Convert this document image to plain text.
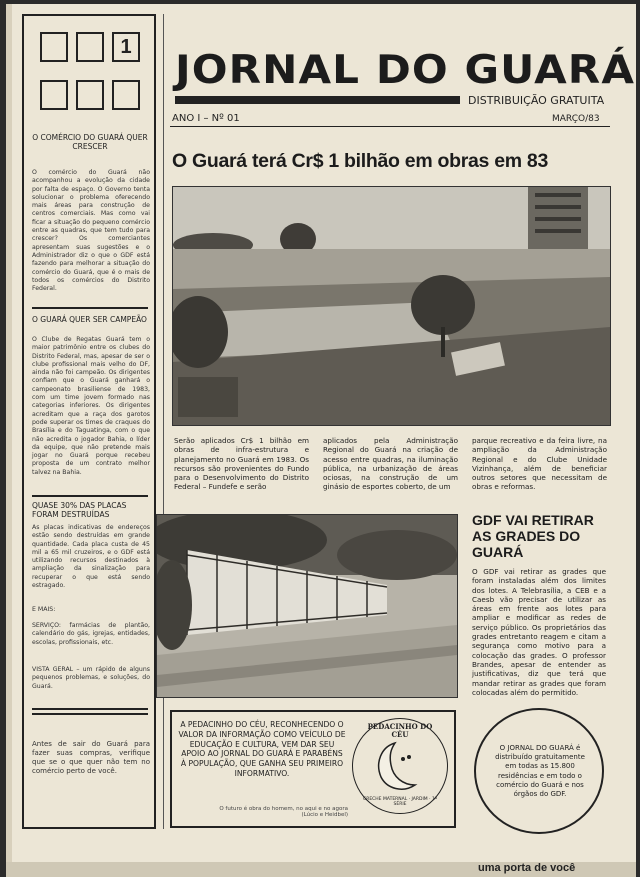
1
O COMÉRCIO DO GUARÁ QUER CRESCER
O comércio do Guará não acompanhou a evolução da cidade por falta de espaço. O Governo tenta solucionar o problema oferecendo mais áreas para construção de centros comerciais. Mas como vai ficar a situação do pequeno comércio entre as quadras, que tem tudo para crescer? Os comerciantes apresentam suas sugestões e o Administrador diz o que o GDF está fazendo para melhorar a situação do comércio do Guará, que é o mais de todos os comércios do Distrito Federal.
O GUARÁ QUER SER CAMPEÃO
O Clube de Regatas Guará tem o maior patrimônio entre os clubes do Distrito Federal, mas, apesar de ser o clube profissional mais velho do DF, ainda não foi campeão. Os dirigentes confiam que o Guará ganhará o campeonato brasiliense de 1983, com um time jovem formado nas categorias inferiores. Os dirigentes acreditam que a raça dos garotos pode superar os times de craques do Brasília e do Taguatinga, com o que não acredita o jogador Bahia, o líder da equipe, que não pretende mais jogar no Guará porque recebeu proposta de um contrato melhor talvez na Bahia.
QUASE 30% DAS PLACAS FORAM DESTRUÍDAS
As placas indicativas de endereços estão sendo destruídas em grande quantidade. Cada placa custa de 45 mil a 65 mil cruzeiros, e o GDF está utilizando recursos destinados à ampliação da sinalização para recuperar o que está sendo estragado.
E MAIS:
SERVIÇO: farmácias de plantão, calendário do gás, igrejas, entidades, escolas, profissionais, etc.
VISTA GERAL – um rápido de alguns pequenos problemas, e soluções, do Guará.
Antes de sair do Guará para fazer suas compras, verifique que se o que quer não tem no comércio perto de você.
JORNAL DO GUARÁ
DISTRIBUIÇÃO GRATUITA
ANO I – Nº 01	MARÇO/83
O Guará terá Cr$ 1 bilhão em obras em 83
Serão aplicados Cr$ 1 bilhão em obras de infra-estrutura e planejamento no Guará em 1983. Os recursos são provenientes do Fundo para o Desenvolvimento do Distrito Federal – Fundefe e serão
aplicados pela Administração Regional do Guará na criação de acesso entre quadras, na iluminação pública, na urbanização de áreas ociosas, na construção de um ginásio de esportes coberto, de um
parque recreativo e da feira livre, na ampliação da Administração Regional e do Clube Unidade Vizinhança, além de beneficiar outros setores que necessitam de obras e reformas.
GDF VAI RETIRAR AS GRADES DO GUARÁ
O GDF vai retirar as grades que foram instaladas além dos limites dos lotes. A Telebrasília, a CEB e a Caesb vão precisar de utilizar as áreas em frente aos lotes para ampliar e modificar as redes de serviço público. Os proprietários das grades entretanto reagem e citam a segurança como motivo para a colocação das grades. O professor Brandes, apesar de entender as justificativas, diz que terá que mandar retirar as grades que foram colocadas além do permitido.
A PEDACINHO DO CÉU, RECONHECENDO O VALOR DA INFORMAÇÃO COMO VEÍCULO DE EDUCAÇÃO E CULTURA, VEM DAR SEU APOIO AO JORNAL DO GUARÁ E PARABÉNS À POPULAÇÃO, QUE GANHA SEU PRIMEIRO INFORMATIVO.
O futuro é obra do homem, no aqui e no agora
(Lúcio e Heidbel)
PEDACINHO DO CÉU
CRECHE MATERNAL · JARDIM · 1ª SÉRIE
O JORNAL DO GUARÁ é distribuído gratuitamente em todas as 15.800 residências e em todo o comércio do Guará e nos órgãos do GDF.
uma porta de você
